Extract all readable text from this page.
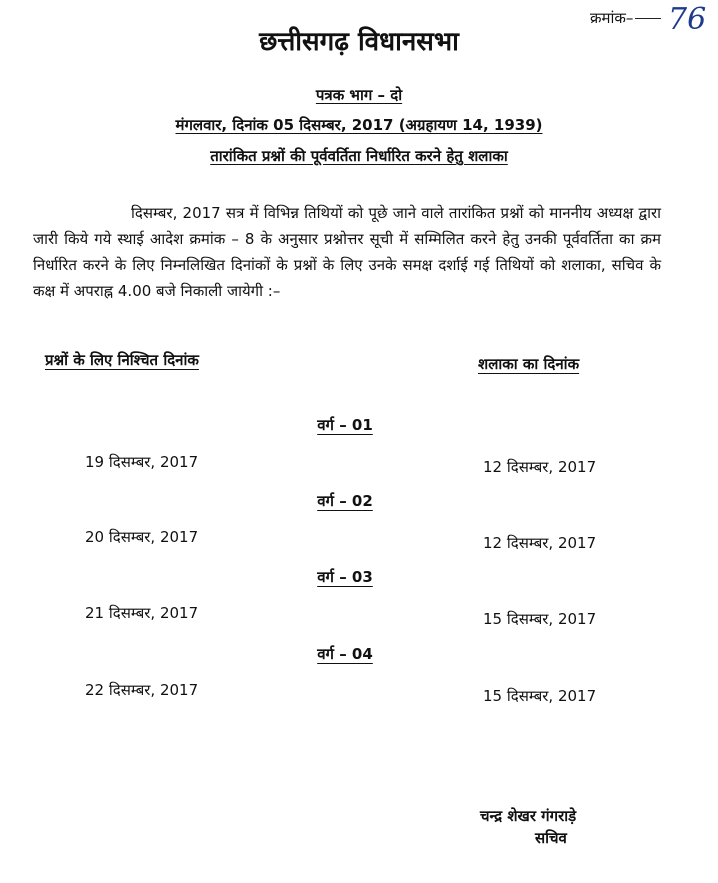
क्रमांक–	76
छत्तीसगढ़ विधानसभा
पत्रक भाग – दो
मंगलवार, दिनांक 05 दिसम्बर, 2017 (अग्रहायण 14, 1939)
तारांकित प्रश्नों की पूर्ववर्तिता निर्धारित करने हेतु शलाका

दिसम्बर, 2017 सत्र में विभिन्न तिथियों को पूछे जाने वाले तारांकित प्रश्नों को माननीय अध्यक्ष द्वारा जारी किये गये स्थाई आदेश क्रमांक – 8 के अनुसार प्रश्नोत्तर सूची में सम्मिलित करने हेतु उनकी पूर्ववर्तिता का क्रम निर्धारित करने के लिए निम्नलिखित दिनांकों के प्रश्नों के लिए उनके समक्ष दर्शाई गई तिथियों को शलाका, सचिव के कक्ष में अपराह्न 4.00 बजे निकाली जायेगी :–

प्रश्नों के लिए निश्चित दिनांक	शलाका का दिनांक
वर्ग – 01
19 दिसम्बर, 2017	12 दिसम्बर, 2017
वर्ग – 02
20 दिसम्बर, 2017	12 दिसम्बर, 2017
वर्ग – 03
21 दिसम्बर, 2017	15 दिसम्बर, 2017
वर्ग – 04
22 दिसम्बर, 2017	15 दिसम्बर, 2017
चन्द्र शेखर गंगराड़े
सचिव
